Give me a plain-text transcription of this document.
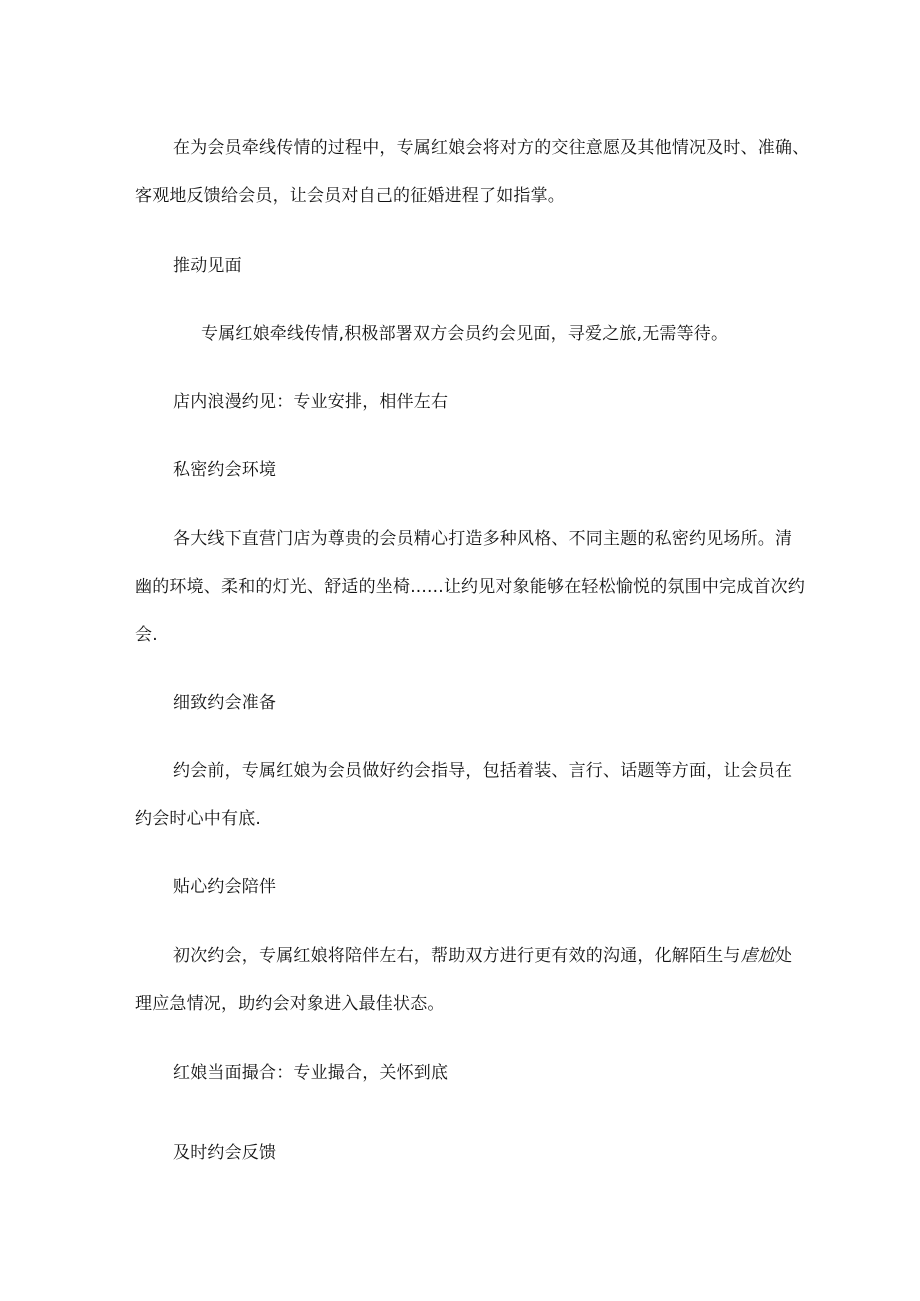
在为会员牵线传情的过程中，专属红娘会将对方的交往意愿及其他情况及时、准确、
客观地反馈给会员，让会员对自己的征婚进程了如指掌。
推动见面
专属红娘牵线传情,积极部署双方会员约会见面，寻爱之旅,无需等待。
店内浪漫约见：专业安排，相伴左右
私密约会环境
各大线下直营门店为尊贵的会员精心打造多种风格、不同主题的私密约见场所。清
幽的环境、柔和的灯光、舒适的坐椅......让约见对象能够在轻松愉悦的氛围中完成首次约
会.
细致约会准备
约会前，专属红娘为会员做好约会指导，包括着装、言行、话题等方面，让会员在
约会时心中有底.
贴心约会陪伴
初次约会，专属红娘将陪伴左右，帮助双方进行更有效的沟通，化解陌生与虐尬处
理应急情况，助约会对象进入最佳状态。
红娘当面撮合：专业撮合，关怀到底
及时约会反馈
